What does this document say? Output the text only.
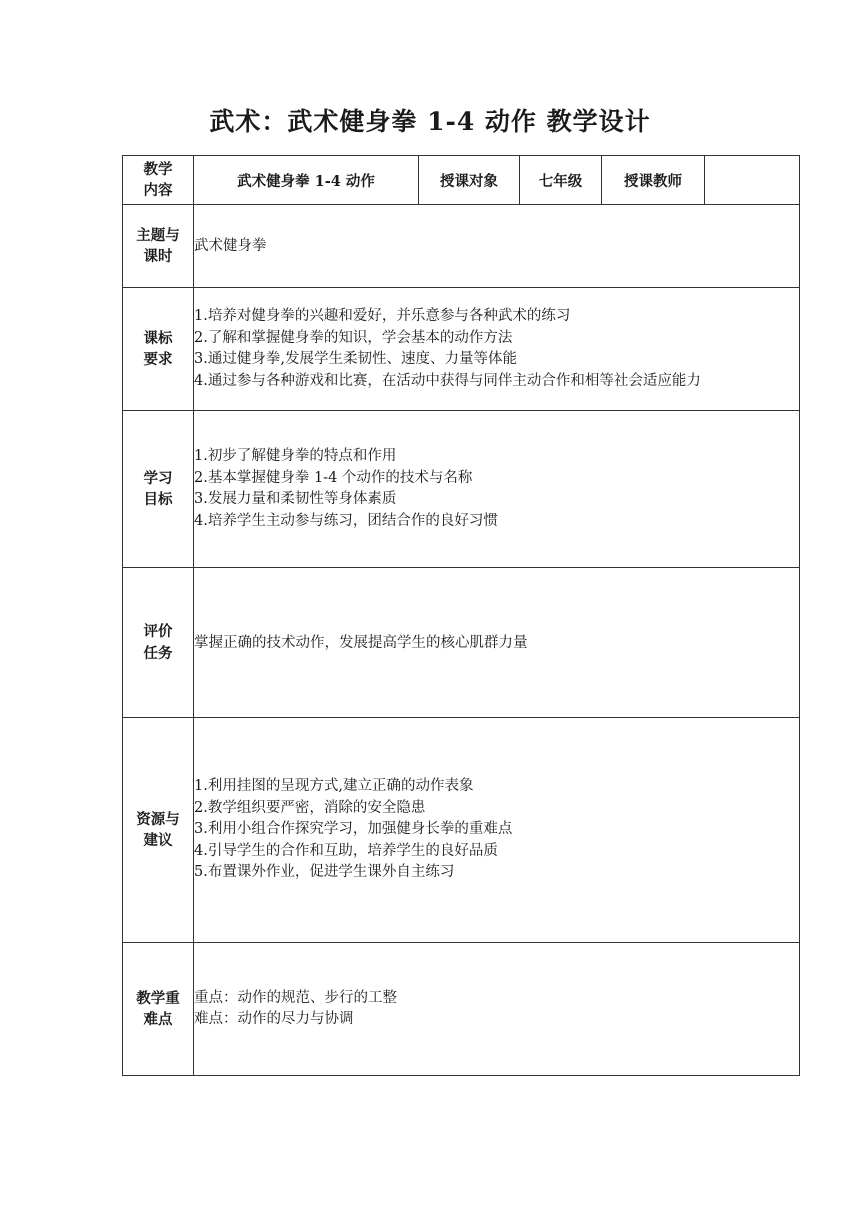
武术：武术健身拳 1-4 动作 教学设计
教学
内容	武术健身拳 1-4 动作	授课对象	七年级	授课教师	

主题与
课时	武术健身拳				

课标
要求	1.培养对健身拳的兴趣和爱好，并乐意参与各种武术的练习
2.了解和掌握健身拳的知识，学会基本的动作方法
3.通过健身拳,发展学生柔韧性、速度、力量等体能
4.通过参与各种游戏和比赛，在活动中获得与同伴主动合作和相等社会适应能力				

学习
目标	1.初步了解健身拳的特点和作用
2.基本掌握健身拳 1-4 个动作的技术与名称
3.发展力量和柔韧性等身体素质
4.培养学生主动参与练习，团结合作的良好习惯				

评价
任务	掌握正确的技术动作，发展提高学生的核心肌群力量				

资源与
建议	1.利用挂图的呈现方式,建立正确的动作表象
2.教学组织要严密，消除的安全隐患
3.利用小组合作探究学习，加强健身长拳的重难点
4.引导学生的合作和互助，培养学生的良好品质
5.布置课外作业，促进学生课外自主练习				

教学重
难点	重点：动作的规范、步行的工整
难点：动作的尽力与协调				
